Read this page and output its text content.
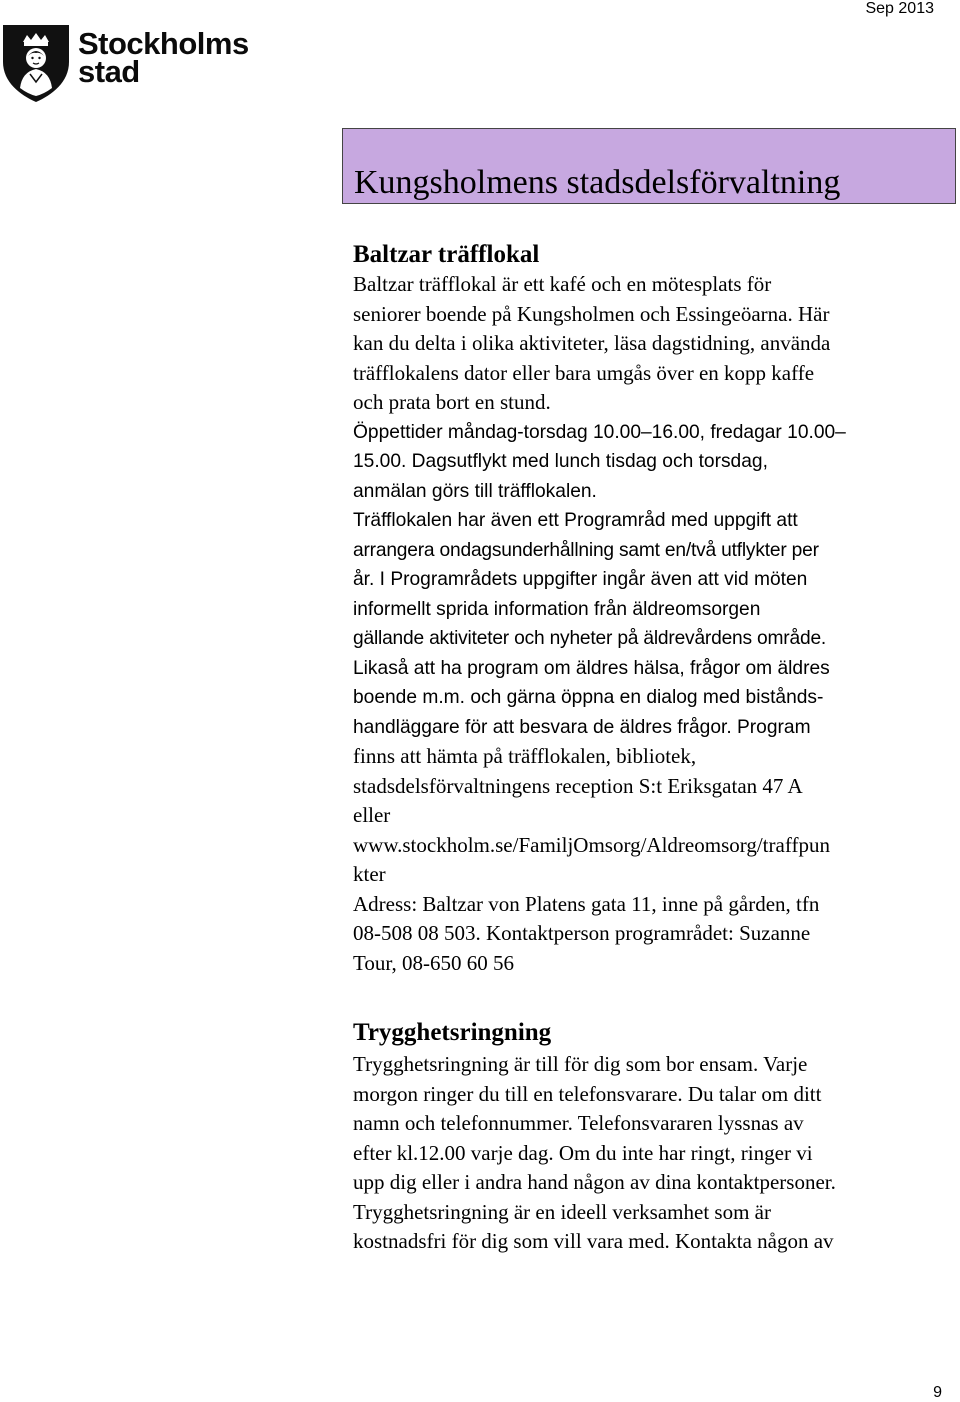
Sep 2013
Stockholms
stad
Kungsholmens stadsdelsförvaltning
Baltzar träfflokal
Baltzar träfflokal är ett kafé och en mötesplats för
seniorer boende på Kungsholmen och Essingeöarna. Här
kan du delta i olika aktiviteter, läsa dagstidning, använda
träfflokalens dator eller bara umgås över en kopp kaffe
och prata bort en stund.
Öppettider måndag-torsdag 10.00–16.00, fredagar 10.00–
15.00. Dagsutflykt med lunch tisdag och torsdag,
anmälan görs till träfflokalen.
Träfflokalen har även ett Programråd med uppgift att
arrangera ondagsunderhållning samt en/två utflykter per
år. I Programrådets uppgifter ingår även att vid möten
informellt sprida information från äldreomsorgen
gällande aktiviteter och nyheter på äldrevårdens område.
Likaså att ha program om äldres hälsa, frågor om äldres
boende m.m. och gärna öppna en dialog med bistånds-
handläggare för att besvara de äldres frågor. Program
finns att hämta på träfflokalen, bibliotek,
stadsdelsförvaltningens reception S:t Eriksgatan 47 A
eller
www.stockholm.se/FamiljOmsorg/Aldreomsorg/traffpun
kter
Adress: Baltzar von Platens gata 11, inne på gården, tfn
08-508 08 503. Kontaktperson programrådet: Suzanne
Tour, 08-650 60 56
Trygghetsringning
Trygghetsringning är till för dig som bor ensam. Varje
morgon ringer du till en telefonsvarare. Du talar om ditt
namn och telefonnummer. Telefonsvararen lyssnas av
efter kl.12.00 varje dag. Om du inte har ringt, ringer vi
upp dig eller i andra hand någon av dina kontaktpersoner.
Trygghetsringning är en ideell verksamhet som är
kostnadsfri för dig som vill vara med. Kontakta någon av
9
